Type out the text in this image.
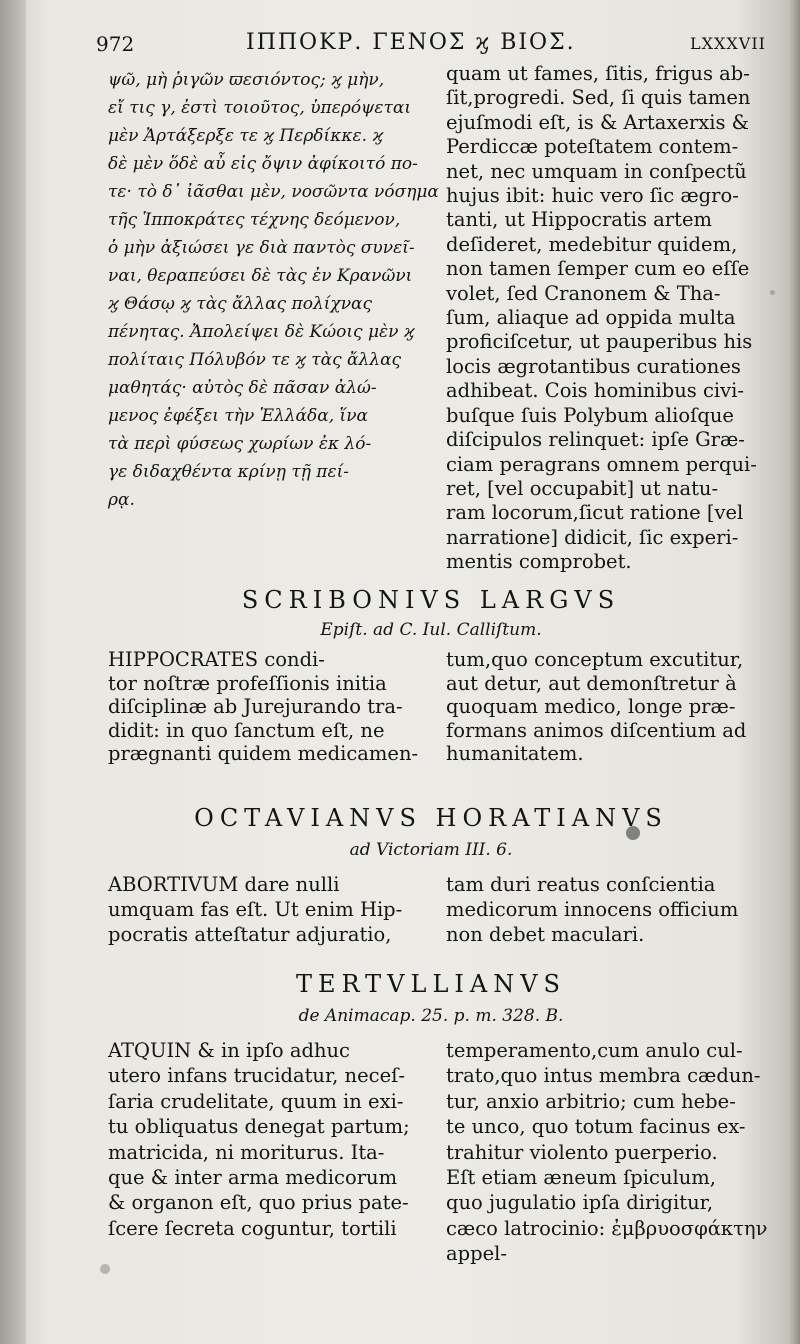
972	ΙΠΠΟΚΡ. ΓΕΝΟΣ ϗ ΒΙΟΣ.	LXXXVII
ψῶ, μὴ ῥιγῶν ϖεσιόντος; ϗ μὴν,
εἴ τις γ, ἐστὶ τοιοῦτος, ὑπερόψεται
μὲν Ἀρτάξερξε τε ϗ Περδίκκε. ϗ
δὲ μὲν ὅδὲ αὖ εἰς ὄψιν ἀφίκοιτό πο-
τε· τὸ δ᾽ ἰᾶσθαι μὲν, νοσῶντα νόσημα
τῆς Ἱπποκράτες τέχνης δεόμενον,
ὁ μὴν ἀξιώσει γε διὰ παντὸς συνεῖ-
ναι, θεραπεύσει δὲ τὰς ἐν Κρανῶνι
ϗ Θάσῳ ϗ τὰς ἄλλας πολίχνας
πένητας. Ἀπολείψει δὲ Κώοις μὲν ϗ
πολίταις Πόλυβόν τε ϗ τὰς ἄλλας
μαθητάς· αὐτὸς δὲ πᾶσαν ἀλώ-
μενος ἐφέξει τὴν Ἑλλάδα, ἵνα
τὰ περὶ φύσεως χωρίων ἐκ λό-
γε διδαχθέντα κρίνῃ τῇ πεί-
ρᾳ.
quam ut fames, ſitis, frigus ab-
ſit,progredi. Sed, ſi quis tamen
ejuſmodi eſt, is & Artaxerxis &
Perdiccæ poteſtatem contem-
net, nec umquam in conſpectũ
hujus ibit: huic vero ſic ægro-
tanti, ut Hippocratis artem
deſideret, medebitur quidem,
non tamen ſemper cum eo eſſe
volet, ſed Cranonem & Tha-
ſum, aliaque ad oppida multa
proficiſcetur, ut pauperibus his
locis ægrotantibus curationes
adhibeat. Cois hominibus civi-
buſque ſuis Polybum alioſque
diſcipulos relinquet: ipſe Græ-
ciam peragrans omnem perqui-
ret, [vel occupabit] ut natu-
ram locorum,ſicut ratione [vel
narratione] didicit, ſic experi-
mentis comprobet.
SCRIBONIVS LARGVS
Epiſt. ad C. Iul. Calliſtum.
HIPPOCRATES condi-
tor noſtræ profeſſionis initia
diſciplinæ ab Jurejurando tra-
didit: in quo ſanctum eſt, ne
prægnanti quidem medicamen-
tum,quo conceptum excutitur,
aut detur, aut demonſtretur à
quoquam medico, longe præ-
formans animos diſcentium ad
humanitatem.
OCTAVIANVS HORATIANVS
ad Victoriam III. 6.
ABORTIVUM dare nulli
umquam fas eſt. Ut enim Hip-
pocratis atteſtatur adjuratio,
tam duri reatus conſcientia
medicorum innocens officium
non debet maculari.
TERTVLLIANVS
de Animacap. 25. p. m. 328. B.
ATQUIN & in ipſo adhuc
utero infans trucidatur, neceſ-
ſaria crudelitate, quum in exi-
tu obliquatus denegat partum;
matricida, ni moriturus. Ita-
que & inter arma medicorum
& organon eſt, quo prius pate-
ſcere ſecreta coguntur, tortili
temperamento,cum anulo cul-
trato,quo intus membra cædun-
tur, anxio arbitrio; cum hebe-
te unco, quo totum facinus ex-
trahitur violento puerperio.
Eſt etiam æneum ſpiculum,
quo jugulatio ipſa dirigitur,
cæco latrocinio: ἐμβρυοσφάκτην
appel-
